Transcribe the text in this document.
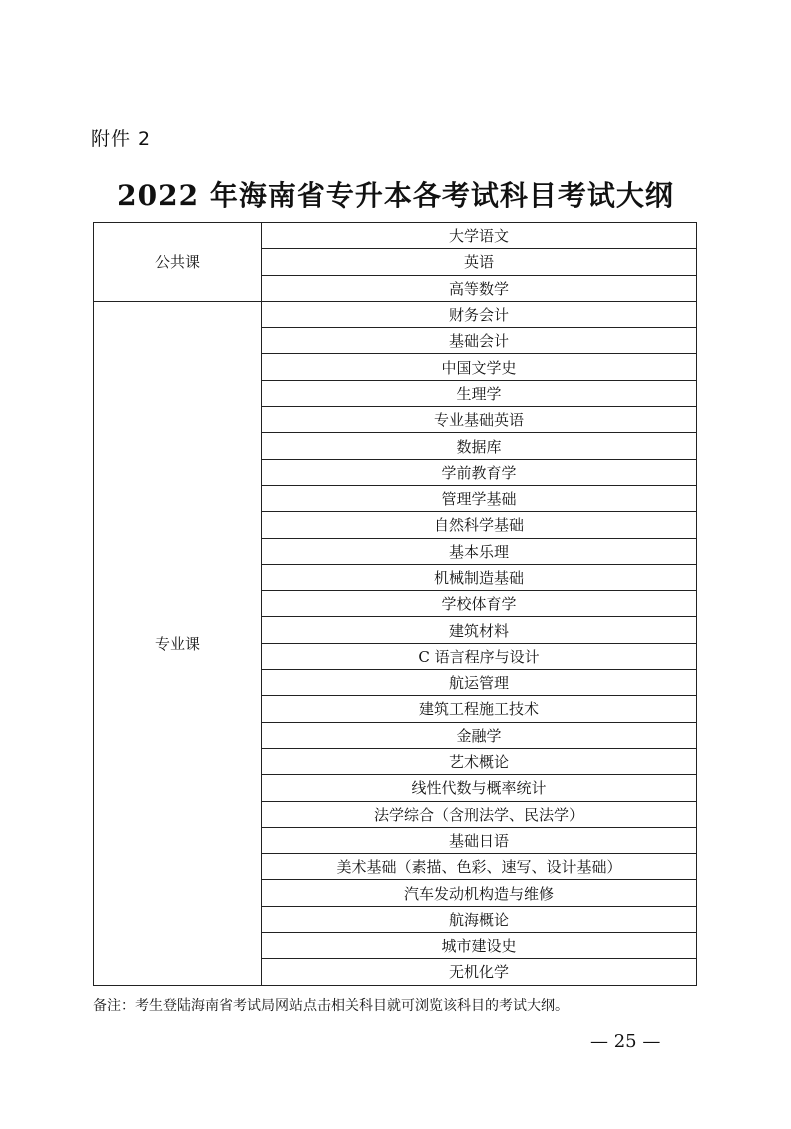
附件 2
2022 年海南省专升本各考试科目考试大纲
公共课	大学语文
	英语
	高等数学
专业课	财务会计
	基础会计
	中国文学史
	生理学
	专业基础英语
	数据库
	学前教育学
	管理学基础
	自然科学基础
	基本乐理
	机械制造基础
	学校体育学
	建筑材料
	C 语言程序与设计
	航运管理
	建筑工程施工技术
	金融学
	艺术概论
	线性代数与概率统计
	法学综合（含刑法学、民法学）
	基础日语
	美术基础（素描、色彩、速写、设计基础）
	汽车发动机构造与维修
	航海概论
	城市建设史
	无机化学
备注：考生登陆海南省考试局网站点击相关科目就可浏览该科目的考试大纲。
— 25 —
